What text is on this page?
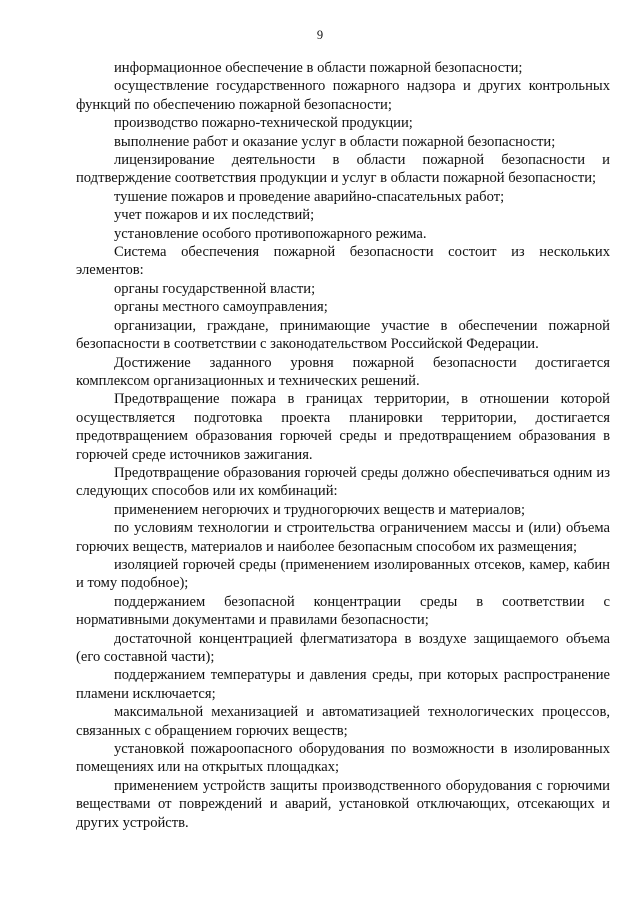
9

информационное обеспечение в области пожарной безопасности;

осуществление государственного пожарного надзора и других контрольных функций по обеспечению пожарной безопасности;

производство пожарно-технической продукции;

выполнение работ и оказание услуг в области пожарной безопасности;

лицензирование деятельности в области пожарной безопасности и подтверждение соответствия продукции и услуг в области пожарной безопасности;

тушение пожаров и проведение аварийно-спасательных работ;

учет пожаров и их последствий;

установление особого противопожарного режима.

Система обеспечения пожарной безопасности состоит из нескольких элементов:

органы государственной власти;

органы местного самоуправления;

организации, граждане, принимающие участие в обеспечении пожарной безопасности в соответствии с законодательством Российской Федерации.

Достижение заданного уровня пожарной безопасности достигается комплексом организационных и технических решений.

Предотвращение пожара в границах территории, в отношении которой осуществляется подготовка проекта планировки территории, достигается предотвращением образования горючей среды и предотвращением образования в горючей среде источников зажигания.

Предотвращение образования горючей среды должно обеспечиваться одним из следующих способов или их комбинаций:

применением негорючих и трудногорючих веществ и материалов;

по условиям технологии и строительства ограничением массы и (или) объема горючих веществ, материалов и наиболее безопасным способом их размещения;

изоляцией горючей среды (применением изолированных отсеков, камер, кабин и тому подобное);

поддержанием безопасной концентрации среды в соответствии с нормативными документами и правилами безопасности;

достаточной концентрацией флегматизатора в воздухе защищаемого объема (его составной части);

поддержанием температуры и давления среды, при которых распространение пламени исключается;

максимальной механизацией и автоматизацией технологических процессов, связанных с обращением горючих веществ;

установкой пожароопасного оборудования по возможности в изолированных помещениях или на открытых площадках;

применением устройств защиты производственного оборудования с горючими веществами от повреждений и аварий, установкой отключающих, отсекающих и других устройств.
